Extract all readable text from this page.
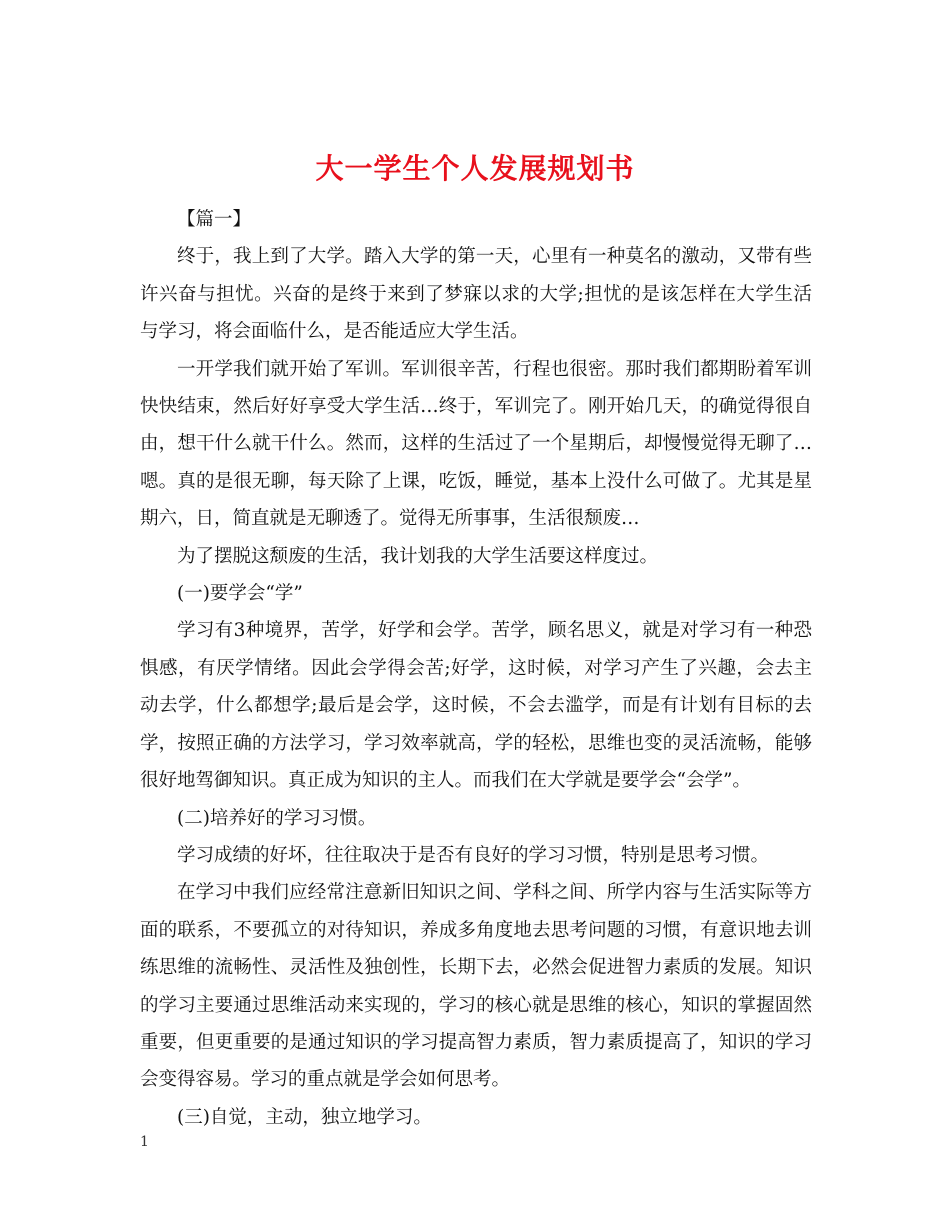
大一学生个人发展规划书

【篇一】

终于，我上到了大学。踏入大学的第一天，心里有一种莫名的激动，又带有些许兴奋与担忧。兴奋的是终于来到了梦寐以求的大学;担忧的是该怎样在大学生活与学习，将会面临什么，是否能适应大学生活。

一开学我们就开始了军训。军训很辛苦，行程也很密。那时我们都期盼着军训快快结束，然后好好享受大学生活…终于，军训完了。刚开始几天，的确觉得很自由，想干什么就干什么。然而，这样的生活过了一个星期后，却慢慢觉得无聊了…嗯。真的是很无聊，每天除了上课，吃饭，睡觉，基本上没什么可做了。尤其是星期六，日，简直就是无聊透了。觉得无所事事，生活很颓废…

为了摆脱这颓废的生活，我计划我的大学生活要这样度过。

(一)要学会“学”

学习有3种境界，苦学，好学和会学。苦学，顾名思义，就是对学习有一种恐惧感，有厌学情绪。因此会学得会苦;好学，这时候，对学习产生了兴趣，会去主动去学，什么都想学;最后是会学，这时候，不会去滥学，而是有计划有目标的去学，按照正确的方法学习，学习效率就高，学的轻松，思维也变的灵活流畅，能够很好地驾御知识。真正成为知识的主人。而我们在大学就是要学会“会学”。

(二)培养好的学习习惯。

学习成绩的好坏，往往取决于是否有良好的学习习惯，特别是思考习惯。

在学习中我们应经常注意新旧知识之间、学科之间、所学内容与生活实际等方面的联系，不要孤立的对待知识，养成多角度地去思考问题的习惯，有意识地去训练思维的流畅性、灵活性及独创性，长期下去，必然会促进智力素质的发展。知识的学习主要通过思维活动来实现的，学习的核心就是思维的核心，知识的掌握固然重要，但更重要的是通过知识的学习提高智力素质，智力素质提高了，知识的学习会变得容易。学习的重点就是学会如何思考。

(三)自觉，主动，独立地学习。

1
